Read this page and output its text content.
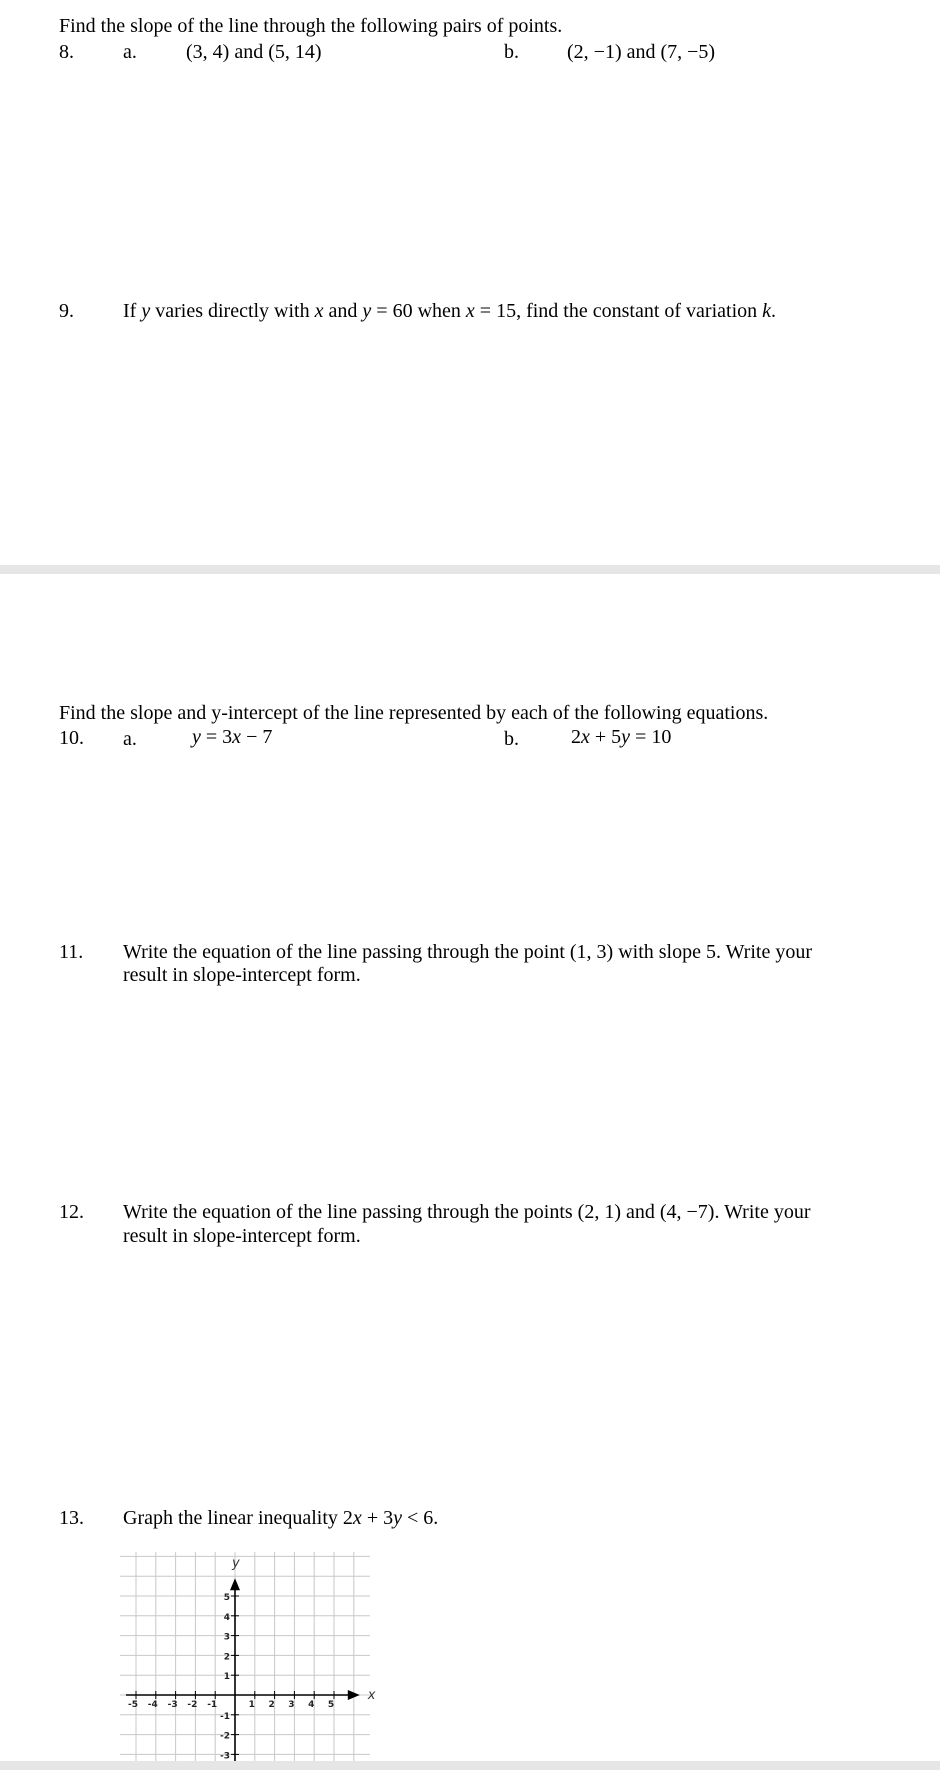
Find the slope of the line through the following pairs of points.
8. a. (3, 4) and (5, 14)	b. (2, −1) and (7, −5)
9. If y varies directly with x and y = 60 when x = 15, find the constant of variation k.
Find the slope and y-intercept of the line represented by each of the following equations.
10. a.	y = 3x − 7	b.	2x + 5y = 10
11. Write the equation of the line passing through the point (1, 3) with slope 5. Write your
result in slope-intercept form.
12. Write the equation of the line passing through the points (2, 1) and (4, −7). Write your
result in slope-intercept form.
13. Graph the linear inequality 2x + 3y < 6.
-5 -4 -3 -2 -1	1 2 3 4 5
5
4
3
2
1
-1
-2
-3
x
y
